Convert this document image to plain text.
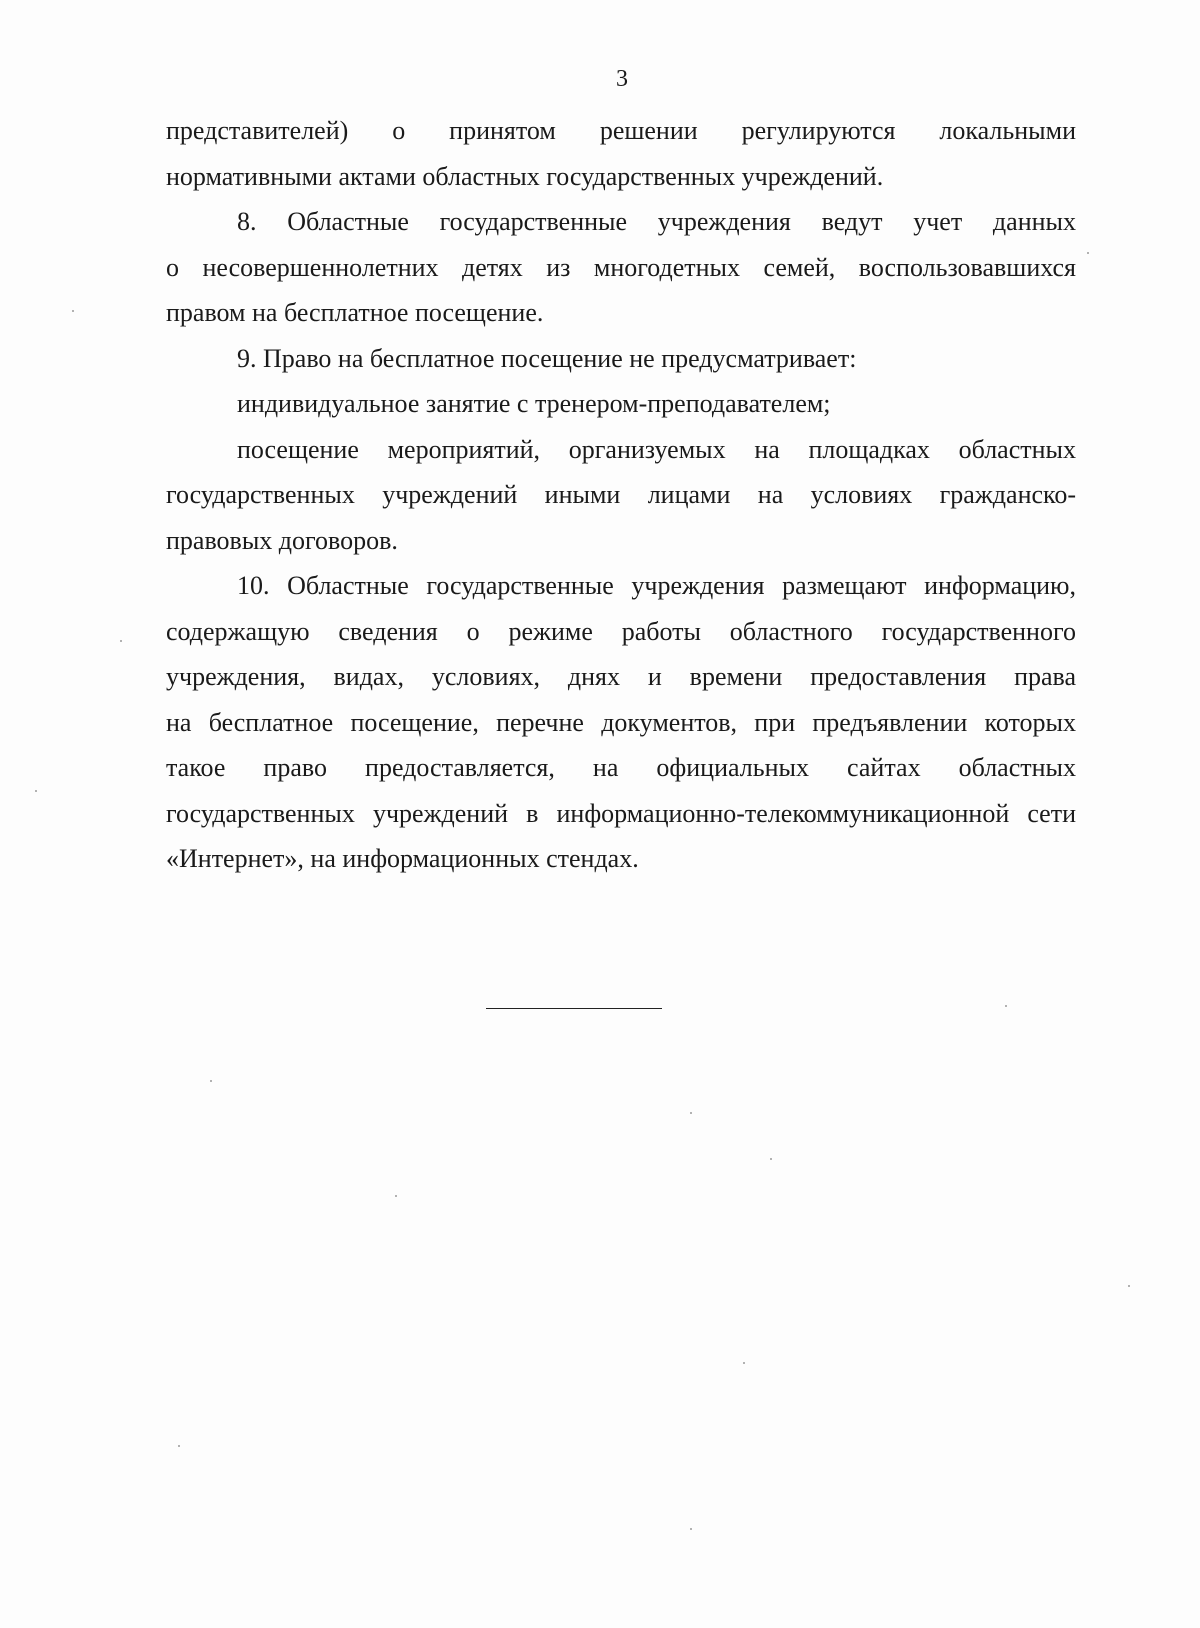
3

представителей) о принятом решении регулируются локальными
нормативными актами областных государственных учреждений.

8. Областные государственные учреждения ведут учет данных
о несовершеннолетних детях из многодетных семей, воспользовавшихся
правом на бесплатное посещение.

9. Право на бесплатное посещение не предусматривает:

индивидуальное занятие с тренером-преподавателем;

посещение мероприятий, организуемых на площадках областных
государственных учреждений иными лицами на условиях гражданско-
правовых договоров.

10. Областные государственные учреждения размещают информацию,
содержащую сведения о режиме работы областного государственного
учреждения, видах, условиях, днях и времени предоставления права
на бесплатное посещение, перечне документов, при предъявлении которых
такое право предоставляется, на официальных сайтах областных
государственных учреждений в информационно-телекоммуникационной сети
«Интернет», на информационных стендах.
